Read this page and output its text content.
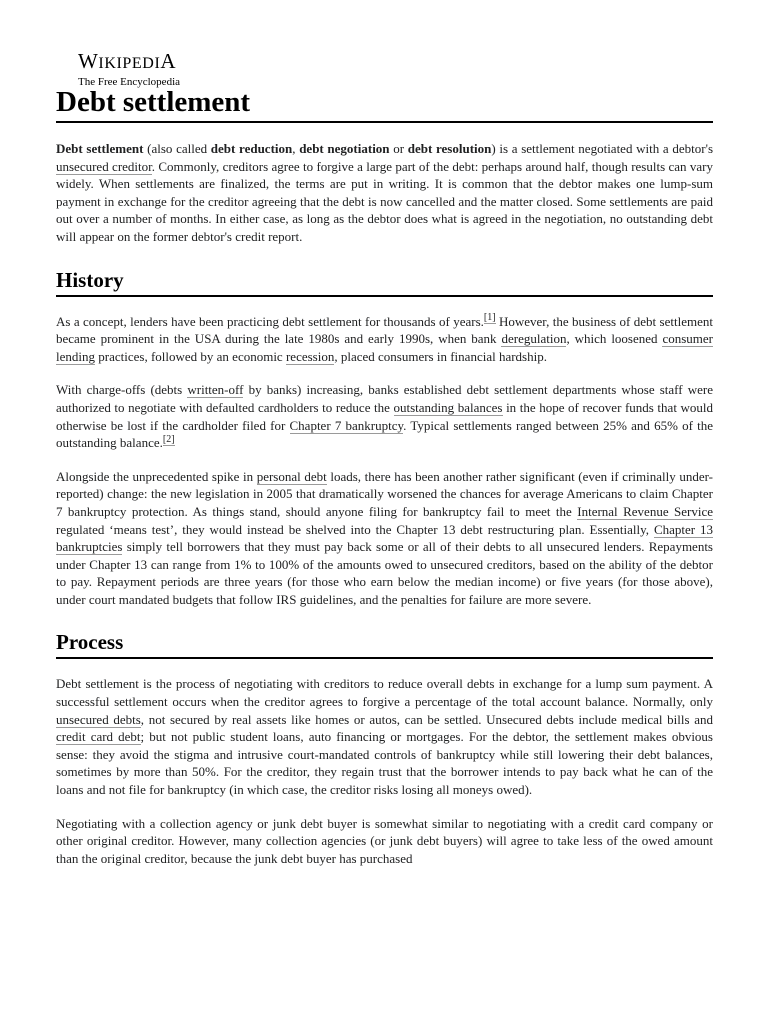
WIKIPEDIA
The Free Encyclopedia
Debt settlement

Debt settlement (also called debt reduction, debt negotiation or debt resolution) is a settlement negotiated with a debtor's unsecured creditor. Commonly, creditors agree to forgive a large part of the debt: perhaps around half, though results can vary widely. When settlements are finalized, the terms are put in writing. It is common that the debtor makes one lump-sum payment in exchange for the creditor agreeing that the debt is now cancelled and the matter closed. Some settlements are paid out over a number of months. In either case, as long as the debtor does what is agreed in the negotiation, no outstanding debt will appear on the former debtor's credit report.

History

As a concept, lenders have been practicing debt settlement for thousands of years.[1] However, the business of debt settlement became prominent in the USA during the late 1980s and early 1990s, when bank deregulation, which loosened consumer lending practices, followed by an economic recession, placed consumers in financial hardship.

With charge-offs (debts written-off by banks) increasing, banks established debt settlement departments whose staff were authorized to negotiate with defaulted cardholders to reduce the outstanding balances in the hope of recover funds that would otherwise be lost if the cardholder filed for Chapter 7 bankruptcy. Typical settlements ranged between 25% and 65% of the outstanding balance.[2]

Alongside the unprecedented spike in personal debt loads, there has been another rather significant (even if criminally under-reported) change: the new legislation in 2005 that dramatically worsened the chances for average Americans to claim Chapter 7 bankruptcy protection. As things stand, should anyone filing for bankruptcy fail to meet the Internal Revenue Service regulated ‘means test’, they would instead be shelved into the Chapter 13 debt restructuring plan. Essentially, Chapter 13 bankruptcies simply tell borrowers that they must pay back some or all of their debts to all unsecured lenders. Repayments under Chapter 13 can range from 1% to 100% of the amounts owed to unsecured creditors, based on the ability of the debtor to pay. Repayment periods are three years (for those who earn below the median income) or five years (for those above), under court mandated budgets that follow IRS guidelines, and the penalties for failure are more severe.

Process

Debt settlement is the process of negotiating with creditors to reduce overall debts in exchange for a lump sum payment. A successful settlement occurs when the creditor agrees to forgive a percentage of the total account balance. Normally, only unsecured debts, not secured by real assets like homes or autos, can be settled. Unsecured debts include medical bills and credit card debt; but not public student loans, auto financing or mortgages. For the debtor, the settlement makes obvious sense: they avoid the stigma and intrusive court-mandated controls of bankruptcy while still lowering their debt balances, sometimes by more than 50%. For the creditor, they regain trust that the borrower intends to pay back what he can of the loans and not file for bankruptcy (in which case, the creditor risks losing all moneys owed).

Negotiating with a collection agency or junk debt buyer is somewhat similar to negotiating with a credit card company or other original creditor. However, many collection agencies (or junk debt buyers) will agree to take less of the owed amount than the original creditor, because the junk debt buyer has purchased
